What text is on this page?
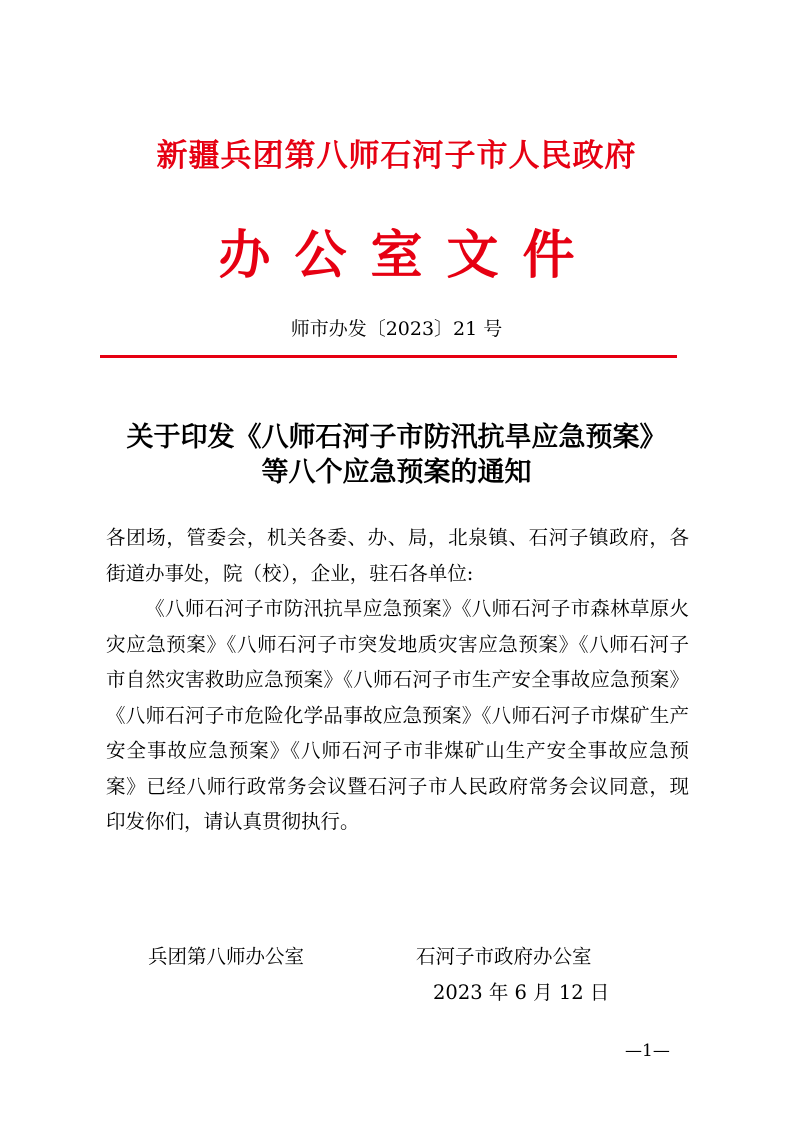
新疆兵团第八师石河子市人民政府
办公室文件
师市办发〔2023〕21 号
关于印发《八师石河子市防汛抗旱应急预案》
等八个应急预案的通知
各团场，管委会，机关各委、办、局，北泉镇、石河子镇政府，各街道办事处，院（校），企业，驻石各单位:
《八师石河子市防汛抗旱应急预案》《八师石河子市森林草原火灾应急预案》《八师石河子市突发地质灾害应急预案》《八师石河子市自然灾害救助应急预案》《八师石河子市生产安全事故应急预案》《八师石河子市危险化学品事故应急预案》《八师石河子市煤矿生产安全事故应急预案》《八师石河子市非煤矿山生产安全事故应急预案》已经八师行政常务会议暨石河子市人民政府常务会议同意，现印发你们，请认真贯彻执行。
兵团第八师办公室	石河子市政府办公室
2023 年 6 月 12 日
—1—
